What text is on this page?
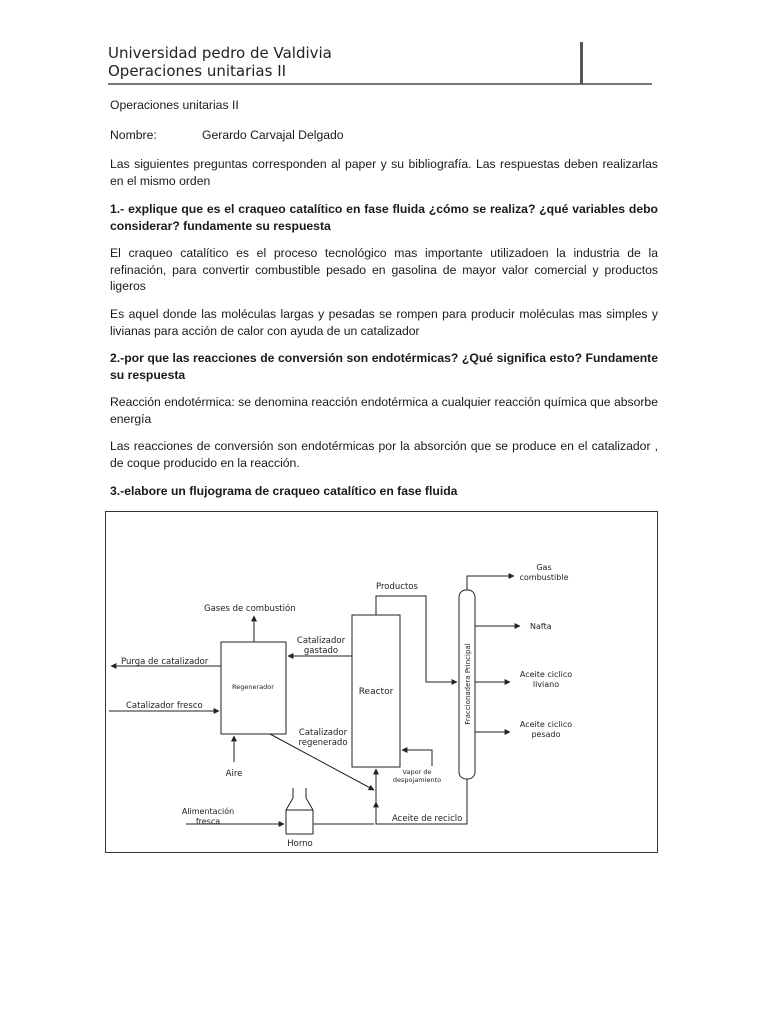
Universidad pedro de Valdivia
Operaciones unitarias II
Operaciones unitarias II
Nombre:	Gerardo Carvajal Delgado
Las siguientes preguntas corresponden al paper y su bibliografía. Las respuestas deben realizarlas en el mismo orden
1.- explique que es el craqueo catalítico en fase fluida ¿cómo se realiza? ¿qué variables debo considerar? fundamente su respuesta
El craqueo catalítico es el proceso tecnológico mas importante utilizadoen la industria de la refinación, para convertir combustible pesado en gasolina de mayor valor comercial y productos ligeros
Es aquel donde las moléculas largas y pesadas se rompen para producir moléculas mas simples y livianas para acción de calor con ayuda de un catalizador
2.-por que las reacciones de conversión son endotérmicas? ¿Qué significa esto? Fundamente su respuesta
Reacción endotérmica: se denomina reacción endotérmica a cualquier reacción química que absorbe energía
Las reacciones de conversión son endotérmicas por la absorción que se produce en el catalizador , de coque producido en la reacción.
3.-elabore un flujograma de craqueo catalítico en fase fluida
Gases de combustión
Purga de catalizador
Catalizador fresco
Regenerador
Aire
Catalizador
gastado
Catalizador
regenerado
Reactor
Productos
Vapor de
despojamiento
Fraccionadera Principal
Gas
combustible
Nafta
Aceite ciclico
liviano
Aceite ciclico
pesado
Aceite de reciclo
Alimentación
fresca
Horno
